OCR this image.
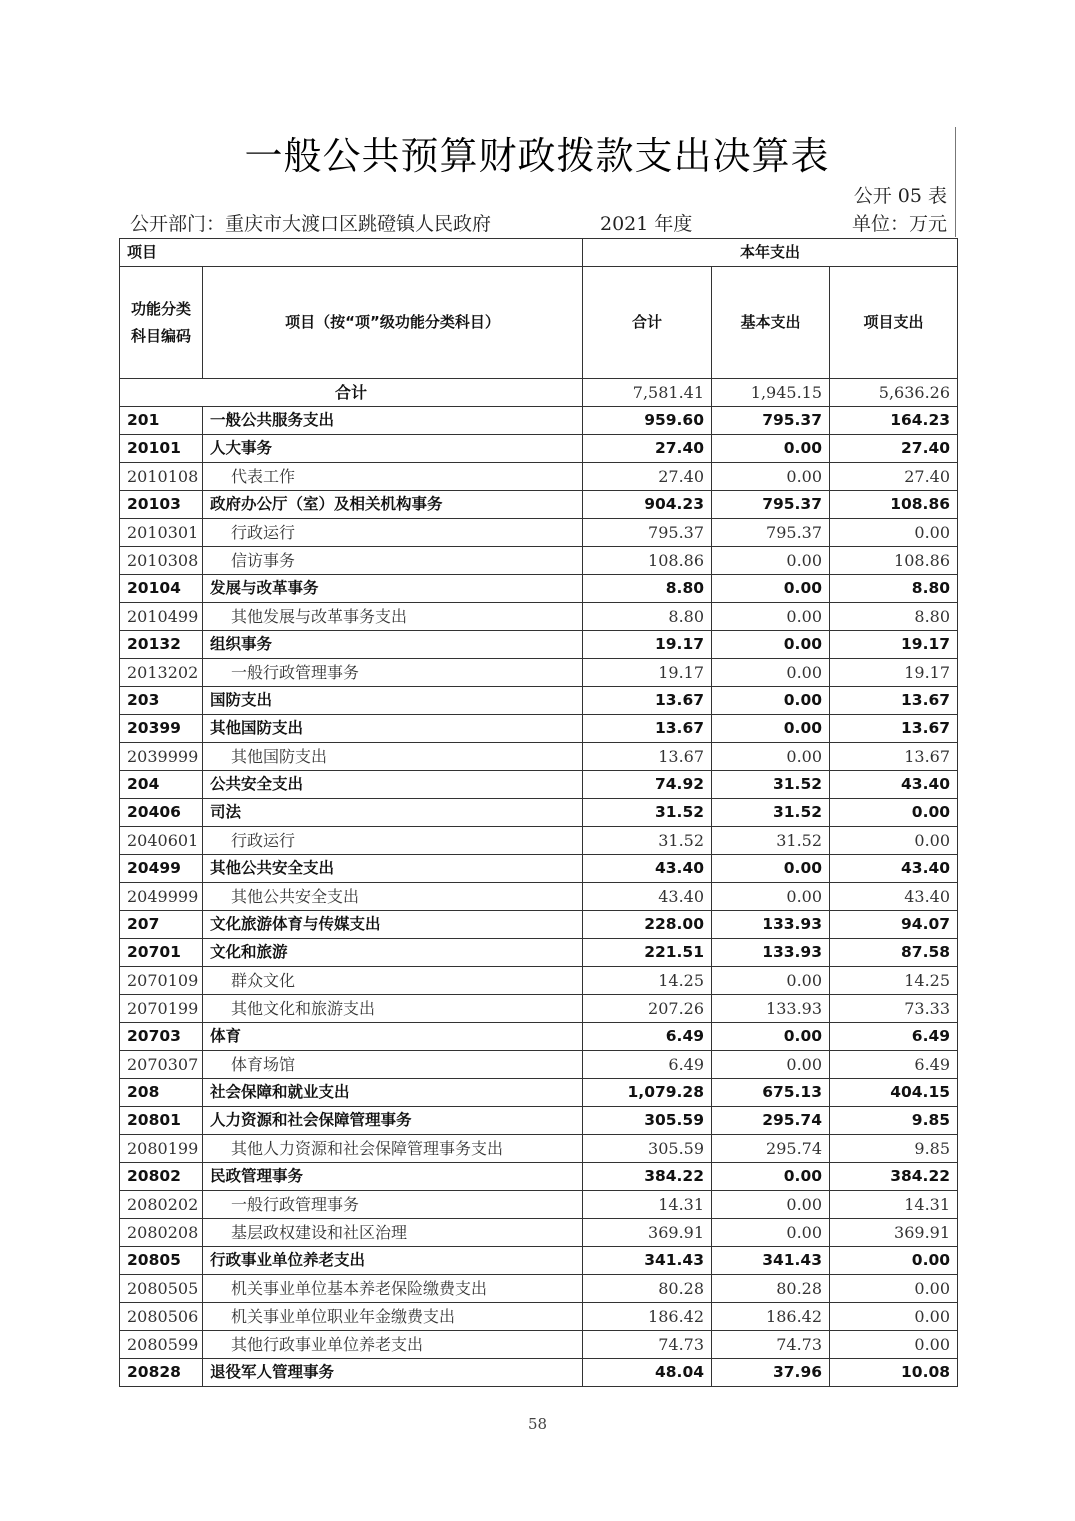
一般公共预算财政拨款支出决算表
公开 05 表
公开部门：重庆市大渡口区跳磴镇人民政府	2021 年度	单位：万元
项目		本年支出		

功能分类科目编码	项目（按“项”级功能分类科目）	合计	基本支出	项目支出
合计		7,581.41	1,945.15	5,636.26
201	一般公共服务支出	959.60	795.37	164.23
20101	人大事务	27.40	0.00	27.40
2010108	代表工作	27.40	0.00	27.40
20103	政府办公厅（室）及相关机构事务	904.23	795.37	108.86
2010301	行政运行	795.37	795.37	0.00
2010308	信访事务	108.86	0.00	108.86
20104	发展与改革事务	8.80	0.00	8.80
2010499	其他发展与改革事务支出	8.80	0.00	8.80
20132	组织事务	19.17	0.00	19.17
2013202	一般行政管理事务	19.17	0.00	19.17
203	国防支出	13.67	0.00	13.67
20399	其他国防支出	13.67	0.00	13.67
2039999	其他国防支出	13.67	0.00	13.67
204	公共安全支出	74.92	31.52	43.40
20406	司法	31.52	31.52	0.00
2040601	行政运行	31.52	31.52	0.00
20499	其他公共安全支出	43.40	0.00	43.40
2049999	其他公共安全支出	43.40	0.00	43.40
207	文化旅游体育与传媒支出	228.00	133.93	94.07
20701	文化和旅游	221.51	133.93	87.58
2070109	群众文化	14.25	0.00	14.25
2070199	其他文化和旅游支出	207.26	133.93	73.33
20703	体育	6.49	0.00	6.49
2070307	体育场馆	6.49	0.00	6.49
208	社会保障和就业支出	1,079.28	675.13	404.15
20801	人力资源和社会保障管理事务	305.59	295.74	9.85
2080199	其他人力资源和社会保障管理事务支出	305.59	295.74	9.85
20802	民政管理事务	384.22	0.00	384.22
2080202	一般行政管理事务	14.31	0.00	14.31
2080208	基层政权建设和社区治理	369.91	0.00	369.91
20805	行政事业单位养老支出	341.43	341.43	0.00
2080505	机关事业单位基本养老保险缴费支出	80.28	80.28	0.00
2080506	机关事业单位职业年金缴费支出	186.42	186.42	0.00
2080599	其他行政事业单位养老支出	74.73	74.73	0.00
20828	退役军人管理事务	48.04	37.96	10.08
58
